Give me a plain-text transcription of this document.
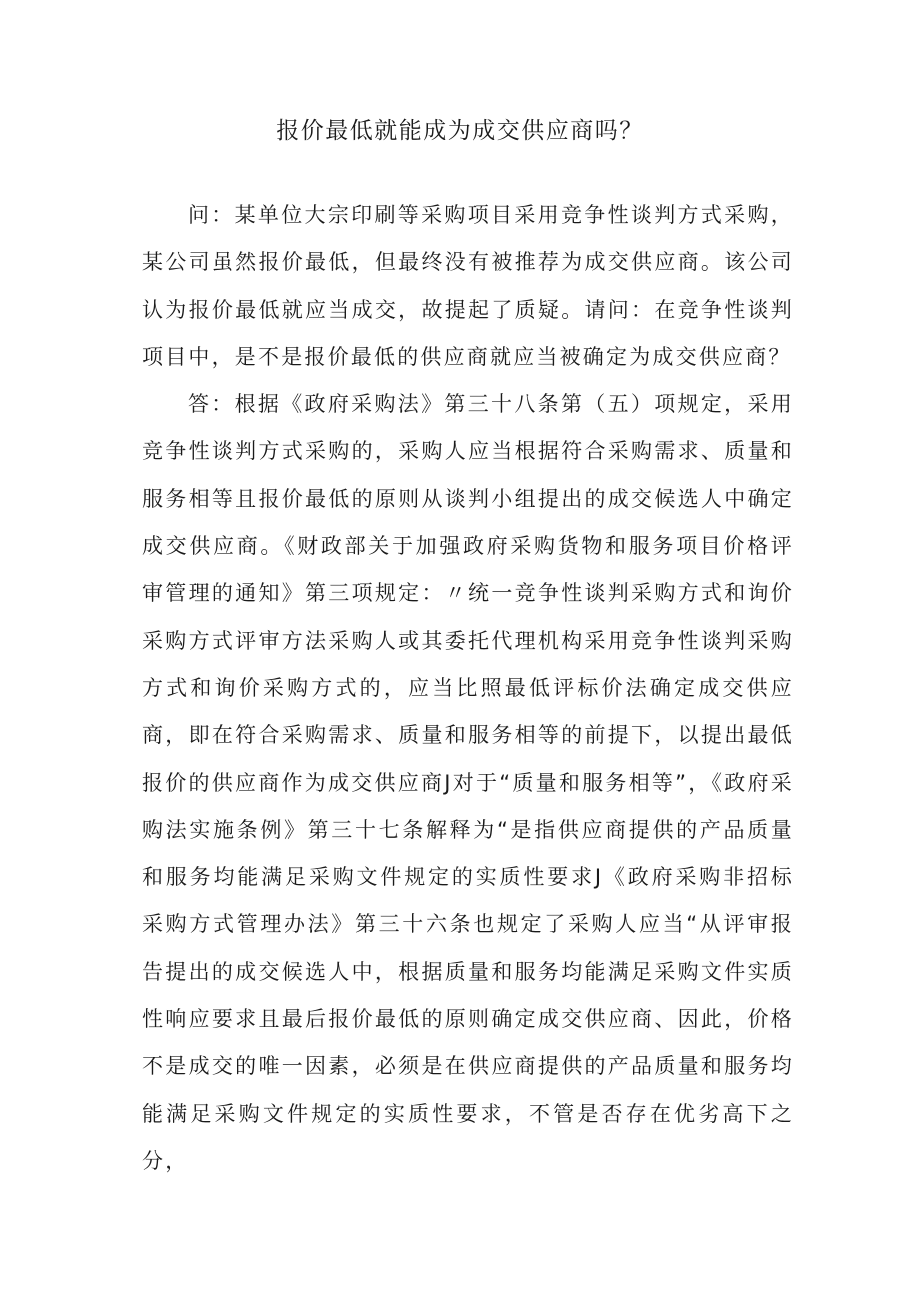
报价最低就能成为成交供应商吗？

问：某单位大宗印刷等采购项目采用竞争性谈判方式采购，某公司虽然报价最低，但最终没有被推荐为成交供应商。该公司认为报价最低就应当成交，故提起了质疑。请问：在竞争性谈判项目中，是不是报价最低的供应商就应当被确定为成交供应商？

答：根据《政府采购法》第三十八条第（五）项规定，采用竞争性谈判方式采购的，采购人应当根据符合采购需求、质量和服务相等且报价最低的原则从谈判小组提出的成交候选人中确定成交供应商。《财政部关于加强政府采购货物和服务项目价格评审管理的通知》第三项规定：〃统一竞争性谈判采购方式和询价采购方式评审方法采购人或其委托代理机构采用竞争性谈判采购方式和询价采购方式的，应当比照最低评标价法确定成交供应商，即在符合采购需求、质量和服务相等的前提下，以提出最低报价的供应商作为成交供应商J对于“质量和服务相等”，《政府采购法实施条例》第三十七条解释为“是指供应商提供的产品质量和服务均能满足采购文件规定的实质性要求J《政府采购非招标采购方式管理办法》第三十六条也规定了采购人应当“从评审报告提出的成交候选人中，根据质量和服务均能满足采购文件实质性响应要求且最后报价最低的原则确定成交供应商、因此，价格不是成交的唯一因素，必须是在供应商提供的产品质量和服务均能满足采购文件规定的实质性要求，不管是否存在优劣高下之分，
